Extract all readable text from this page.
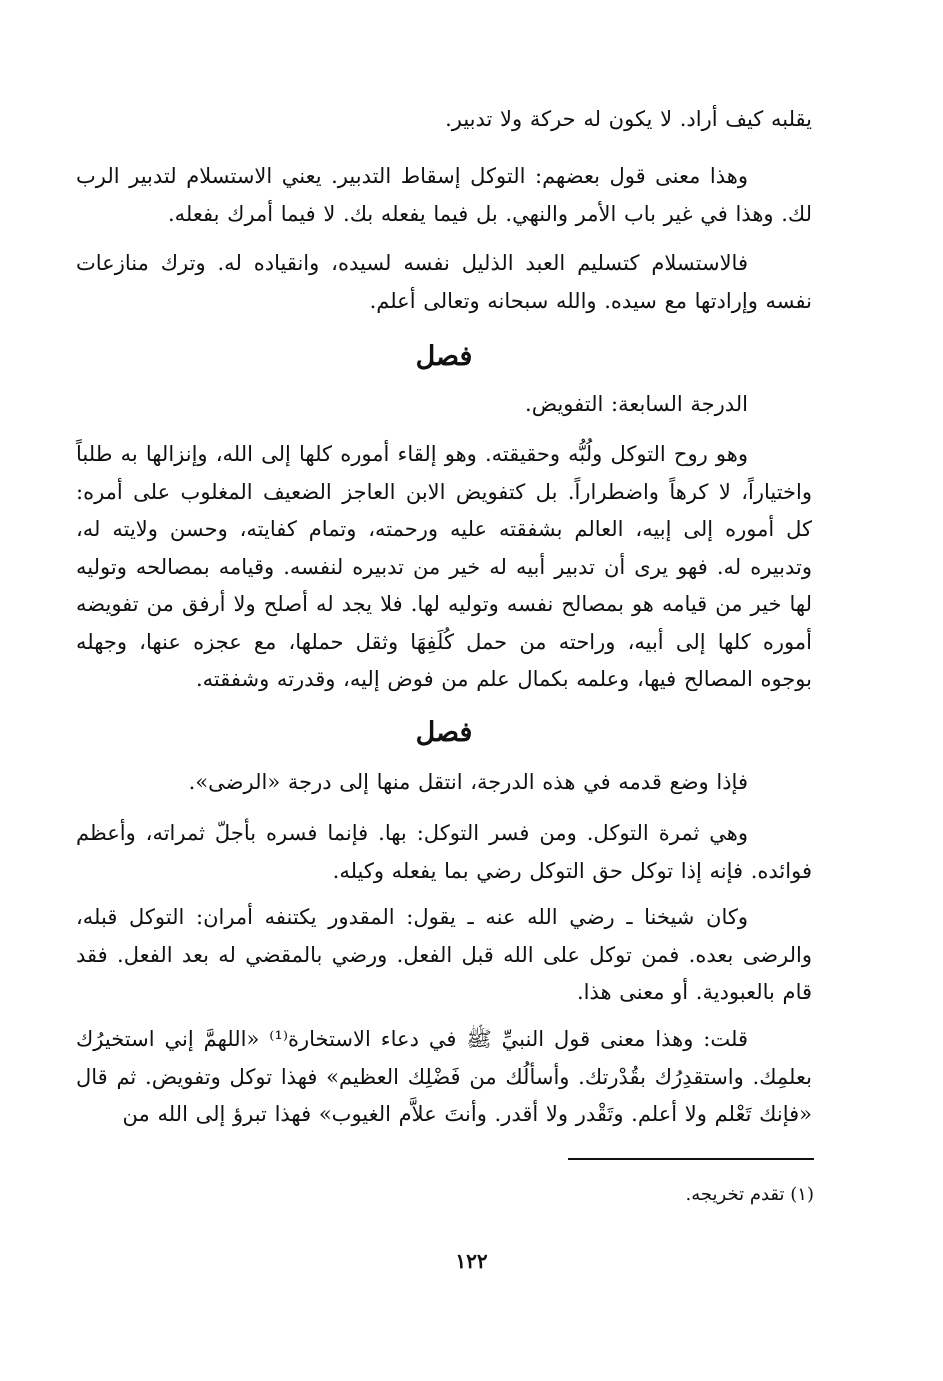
يقلبه كيف أراد. لا يكون له حركة ولا تدبير.

وهذا معنى قول بعضهم: التوكل إسقاط التدبير. يعني الاستسلام لتدبير الرب لك. وهذا في غير باب الأمر والنهي. بل فيما يفعله بك. لا فيما أمرك بفعله.

فالاستسلام كتسليم العبد الذليل نفسه لسيده، وانقياده له. وترك منازعات نفسه وإرادتها مع سيده. والله سبحانه وتعالى أعلم.

فصل

الدرجة السابعة: التفويض.

وهو روح التوكل ولُبُّه وحقيقته. وهو إلقاء أموره كلها إلى الله، وإنزالها به طلباً واختياراً، لا كرهاً واضطراراً. بل كتفويض الابن العاجز الضعيف المغلوب على أمره: كل أموره إلى إبيه، العالم بشفقته عليه ورحمته، وتمام كفايته، وحسن ولايته له، وتدبيره له. فهو يرى أن تدبير أبيه له خير من تدبيره لنفسه. وقيامه بمصالحه وتوليه لها خير من قيامه هو بمصالح نفسه وتوليه لها. فلا يجد له أصلح ولا أرفق من تفويضه أموره كلها إلى أبيه، وراحته من حمل كُلَفِهَا وثقل حملها، مع عجزه عنها، وجهله بوجوه المصالح فيها، وعلمه بكمال علم من فوض إليه، وقدرته وشفقته.

فصل

فإذا وضع قدمه في هذه الدرجة، انتقل منها إلى درجة «الرضى».

وهي ثمرة التوكل. ومن فسر التوكل: بها. فإنما فسره بأجلّ ثمراته، وأعظم فوائده. فإنه إذا توكل حق التوكل رضي بما يفعله وكيله.

وكان شيخنا ـ رضي الله عنه ـ يقول: المقدور يكتنفه أمران: التوكل قبله، والرضى بعده. فمن توكل على الله قبل الفعل. ورضي بالمقضي له بعد الفعل. فقد قام بالعبودية. أو معنى هذا.

قلت: وهذا معنى قول النبيِّ ﷺ في دعاء الاستخارة⁽¹⁾ «اللهمَّ إني استخيرُك بعلمِك. واستقدِرُك بقُدْرتك. وأسألُك من فَضْلِك العظيم» فهذا توكل وتفويض. ثم قال «فإنك تَعْلم ولا أعلم. وتَقْدر ولا أقدر. وأنتَ علاَّم الغيوب» فهذا تبرؤ إلى الله من

(١) تقدم تخريجه.
١٢٢
